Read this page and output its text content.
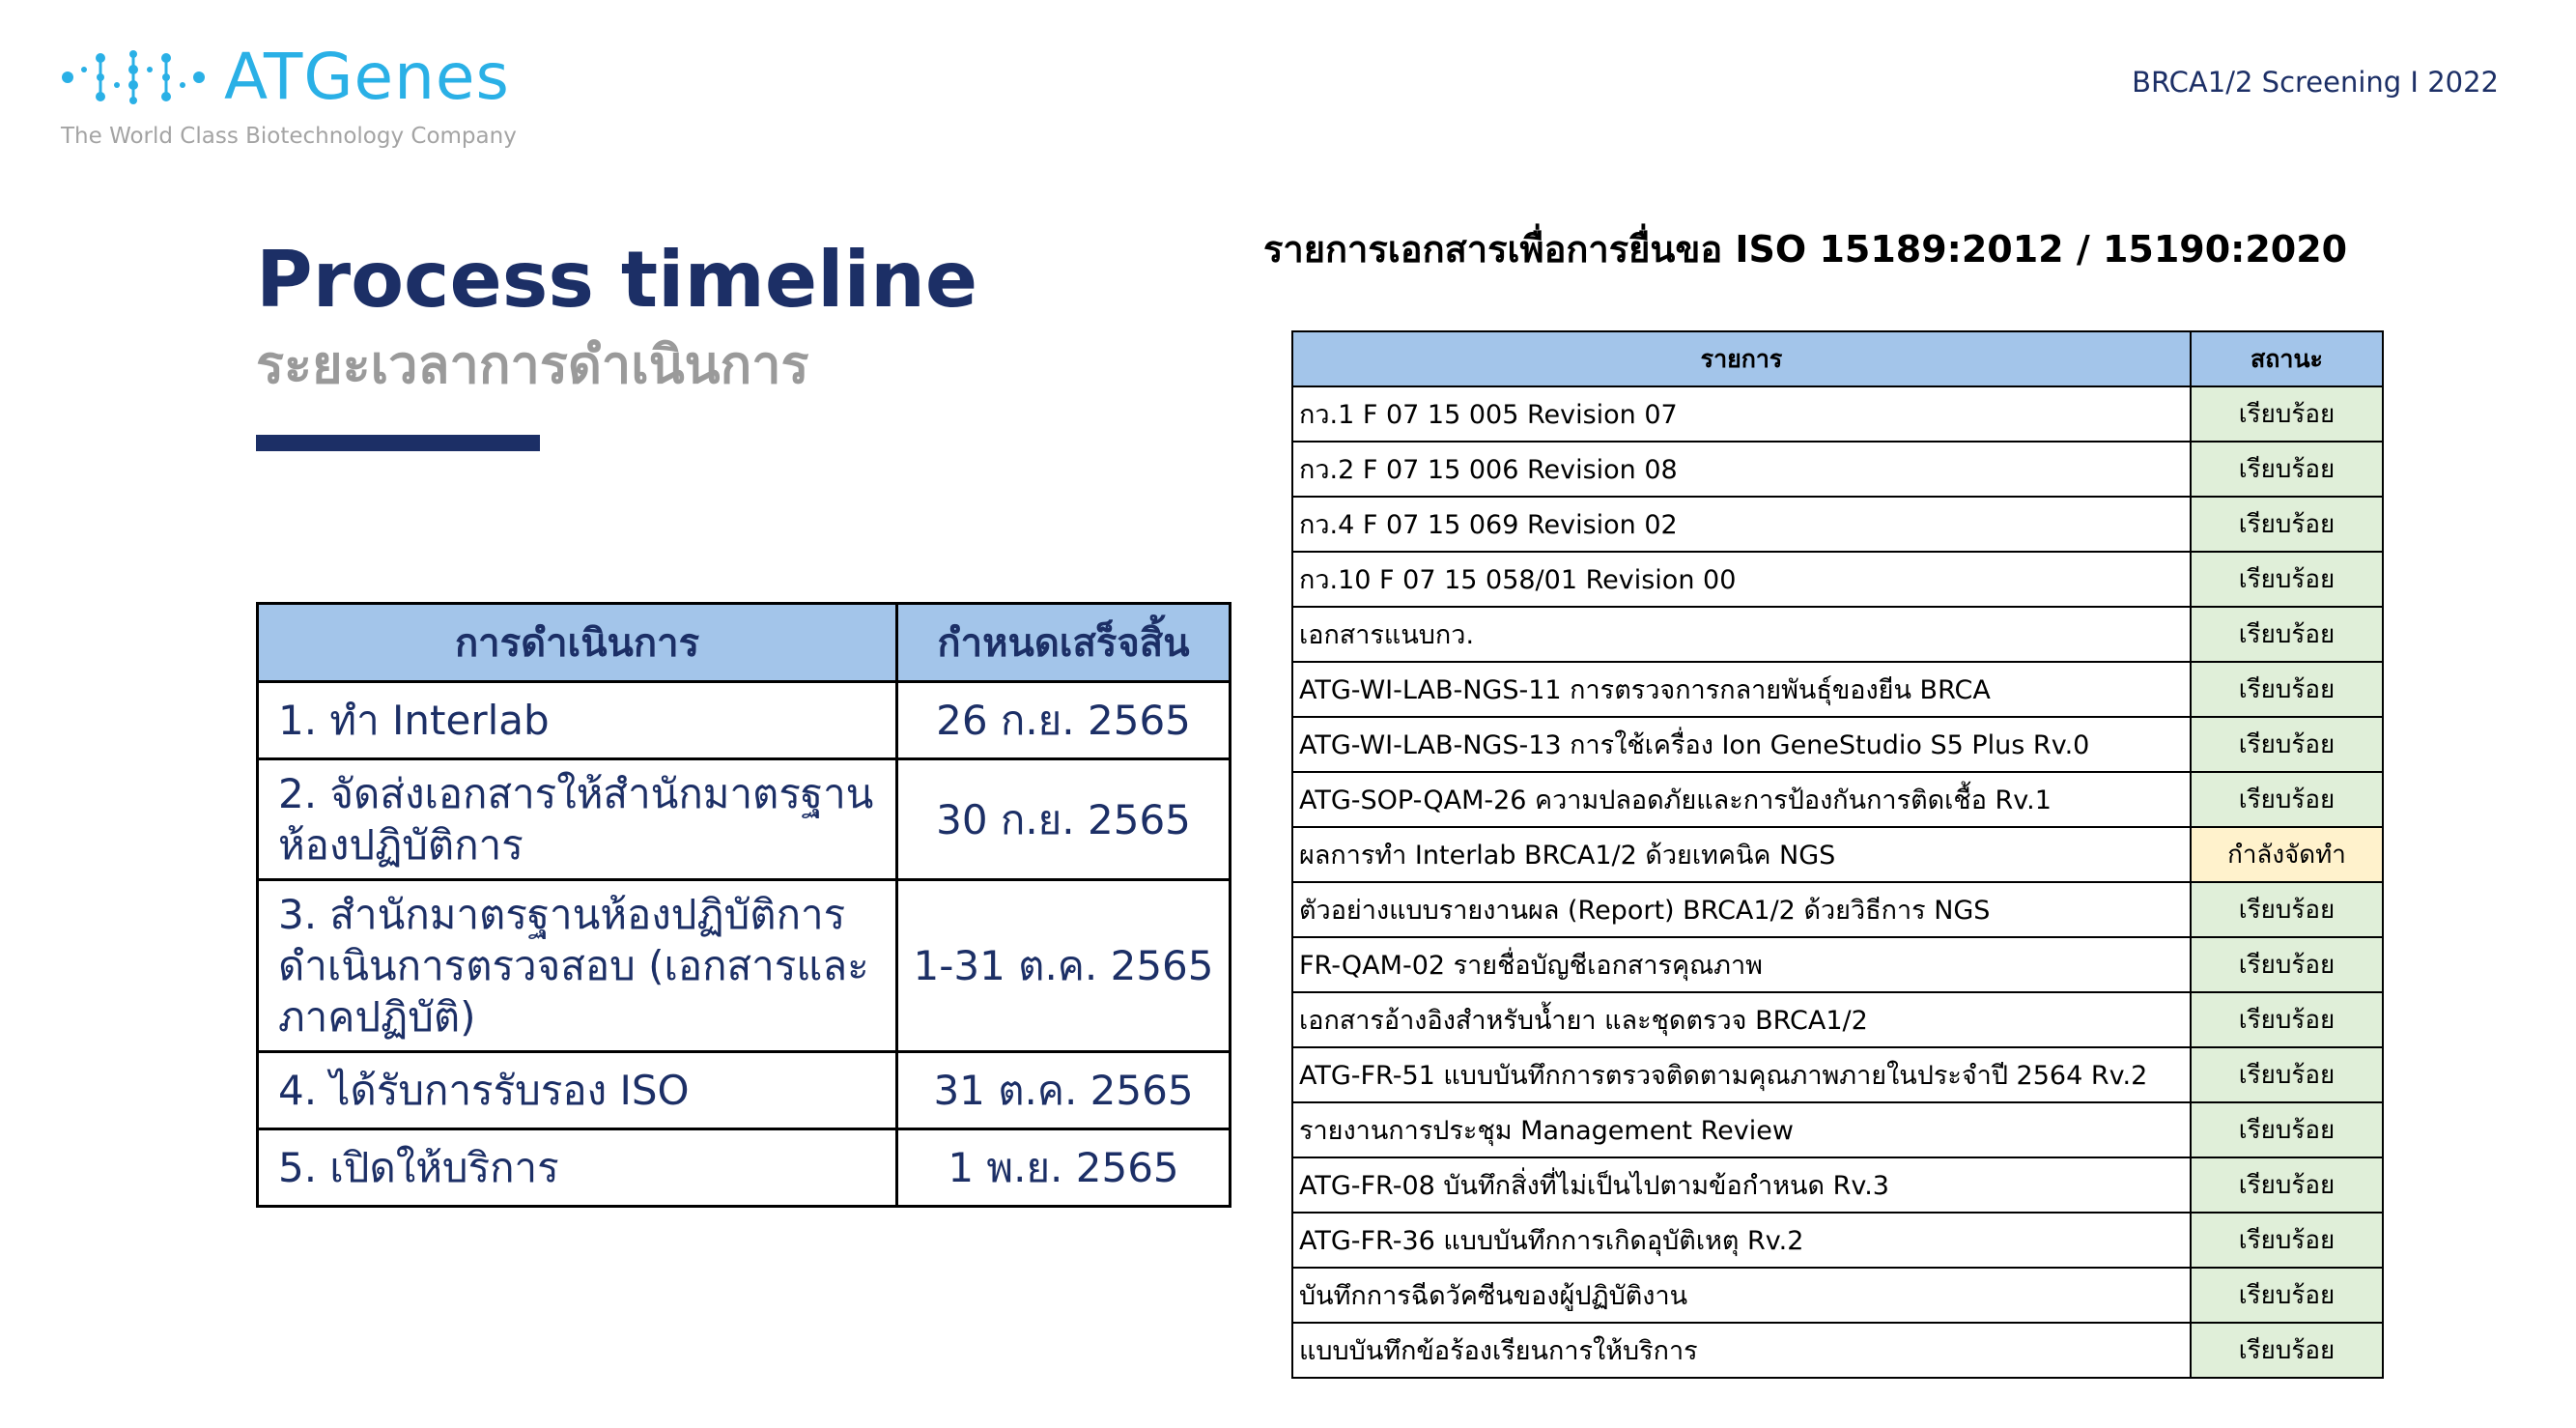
ATGenes
The World Class Biotechnology Company
BRCA1/2 Screening I 2022
Process timeline
ระยะเวลาการดำเนินการ
การดำเนินการ	กำหนดเสร็จสิ้น
1. ทำ Interlab	26 ก.ย. 2565
2. จัดส่งเอกสารให้สำนักมาตรฐานห้องปฏิบัติการ	30 ก.ย. 2565
3. สำนักมาตรฐานห้องปฏิบัติการดำเนินการตรวจสอบ (เอกสารและภาคปฏิบัติ)	1-31 ต.ค. 2565
4. ได้รับการรับรอง ISO	31 ต.ค. 2565
5. เปิดให้บริการ	1 พ.ย. 2565
รายการเอกสารเพื่อการยื่นขอ ISO 15189:2012 / 15190:2020
รายการ	สถานะ
กว.1 F 07 15 005 Revision 07	เรียบร้อย
กว.2 F 07 15 006 Revision 08	เรียบร้อย
กว.4 F 07 15 069 Revision 02	เรียบร้อย
กว.10 F 07 15 058/01 Revision 00	เรียบร้อย
เอกสารแนบกว.	เรียบร้อย
ATG-WI-LAB-NGS-11 การตรวจการกลายพันธุ์ของยีน BRCA	เรียบร้อย
ATG-WI-LAB-NGS-13 การใช้เครื่อง Ion GeneStudio S5 Plus Rv.0	เรียบร้อย
ATG-SOP-QAM-26 ความปลอดภัยและการป้องกันการติดเชื้อ Rv.1	เรียบร้อย
ผลการทำ Interlab BRCA1/2 ด้วยเทคนิค NGS	กำลังจัดทำ
ตัวอย่างแบบรายงานผล (Report) BRCA1/2 ด้วยวิธีการ NGS	เรียบร้อย
FR-QAM-02 รายชื่อบัญชีเอกสารคุณภาพ	เรียบร้อย
เอกสารอ้างอิงสำหรับน้ำยา และชุดตรวจ BRCA1/2	เรียบร้อย
ATG-FR-51 แบบบันทึกการตรวจติดตามคุณภาพภายในประจำปี 2564 Rv.2	เรียบร้อย
รายงานการประชุม Management Review	เรียบร้อย
ATG-FR-08 บันทึกสิ่งที่ไม่เป็นไปตามข้อกำหนด Rv.3	เรียบร้อย
ATG-FR-36 แบบบันทึกการเกิดอุบัติเหตุ Rv.2	เรียบร้อย
บันทึกการฉีดวัคซีนของผู้ปฏิบัติงาน	เรียบร้อย
แบบบันทึกข้อร้องเรียนการให้บริการ	เรียบร้อย
